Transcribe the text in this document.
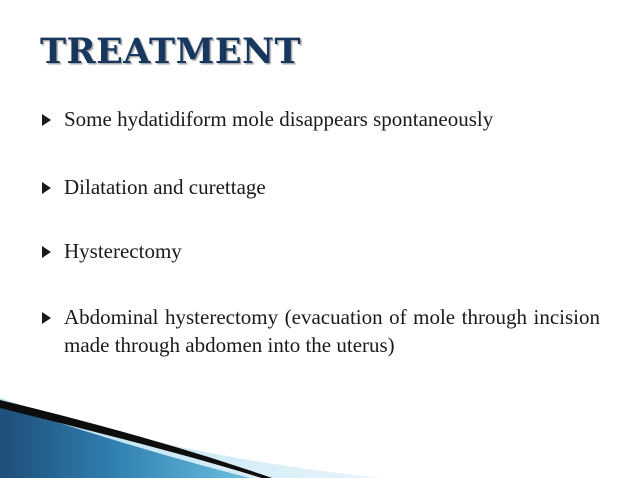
TREATMENT
Some hydatidiform mole disappears spontaneously
Dilatation and curettage
Hysterectomy
Abdominal hysterectomy (evacuation of mole through incision made through abdomen into the uterus)
